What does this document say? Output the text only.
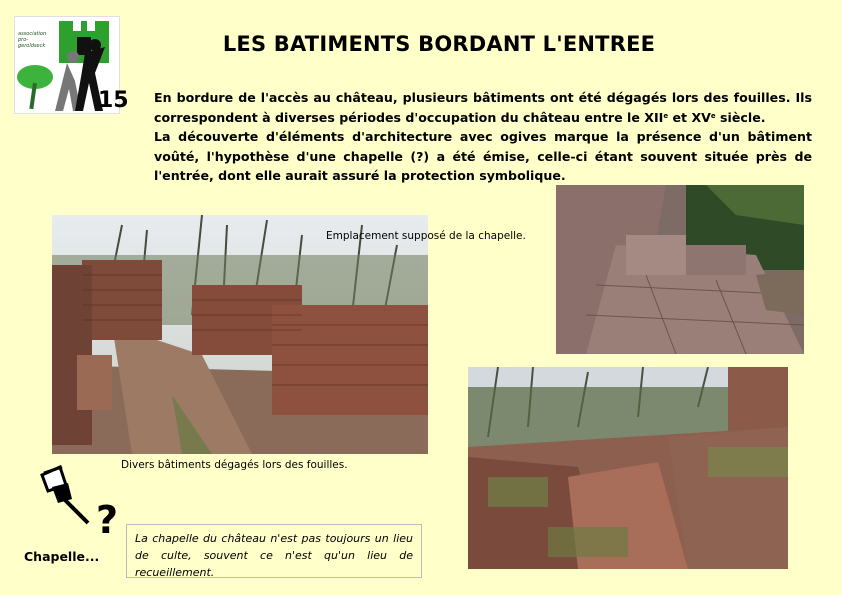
association pro-geroldseck
15
LES BATIMENTS BORDANT L'ENTREE

En bordure de l'accès au château, plusieurs bâtiments ont été dégagés lors des fouilles. Ils correspondent à diverses périodes d'occupation du château entre le XIIe et XVe siècle.

La découverte d'éléments d'architecture avec ogives marque la présence d'un bâtiment voûté, l'hypothèse d'une chapelle (?) a été émise, celle-ci étant souvent située près de l'entrée, dont elle aurait assuré la protection symbolique.

Emplacement supposé de la chapelle.
Divers bâtiments dégagés lors des fouilles.
?
Chapelle...
La chapelle du château n'est pas toujours un lieu de culte, souvent ce n'est qu'un lieu de recueillement.
